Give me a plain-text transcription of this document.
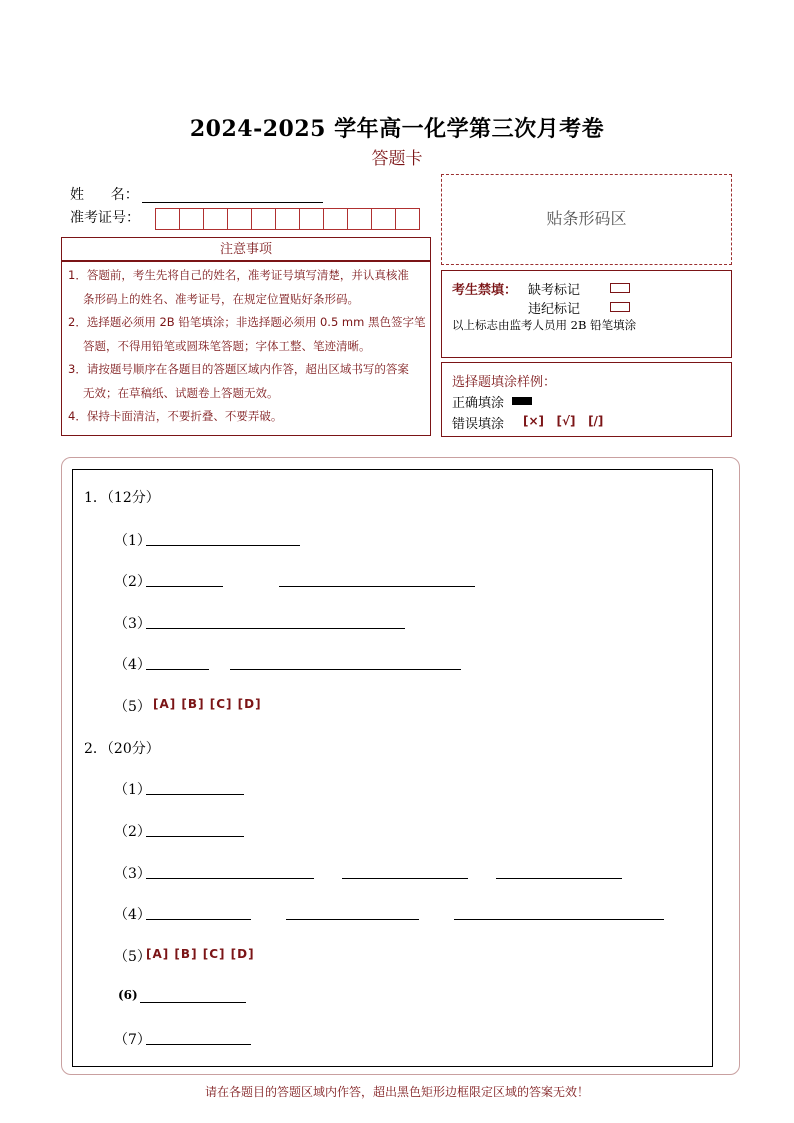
2024-2025 学年高一化学第三次月考卷
答题卡
姓      名：
准考证号：
注意事项
1．答题前，考生先将自己的姓名，准考证号填写清楚，并认真核准
条形码上的姓名、准考证号，在规定位置贴好条形码。
2．选择题必须用 2B 铅笔填涂；非选择题必须用 0.5 mm 黑色签字笔
答题，不得用铅笔或圆珠笔答题；字体工整、笔迹清晰。
3．请按题号顺序在各题目的答题区域内作答，超出区域书写的答案
无效；在草稿纸、试题卷上答题无效。
4．保持卡面清洁，不要折叠、不要弄破。
贴条形码区
考生禁填： 缺考标记
违纪标记
以上标志由监考人员用 2B 铅笔填涂
选择题填涂样例：
正确填涂
错误填涂 [×]   [√]   [/]
1．（12分）
（1）
（2）
（3）
（4）
（5） [A] [B] [C] [D]
2．（20分）
（1）
（2）
（3）
（4）
（5）
[A] [B] [C] [D]
(6)
（7）
请在各题目的答题区域内作答，超出黑色矩形边框限定区域的答案无效！
